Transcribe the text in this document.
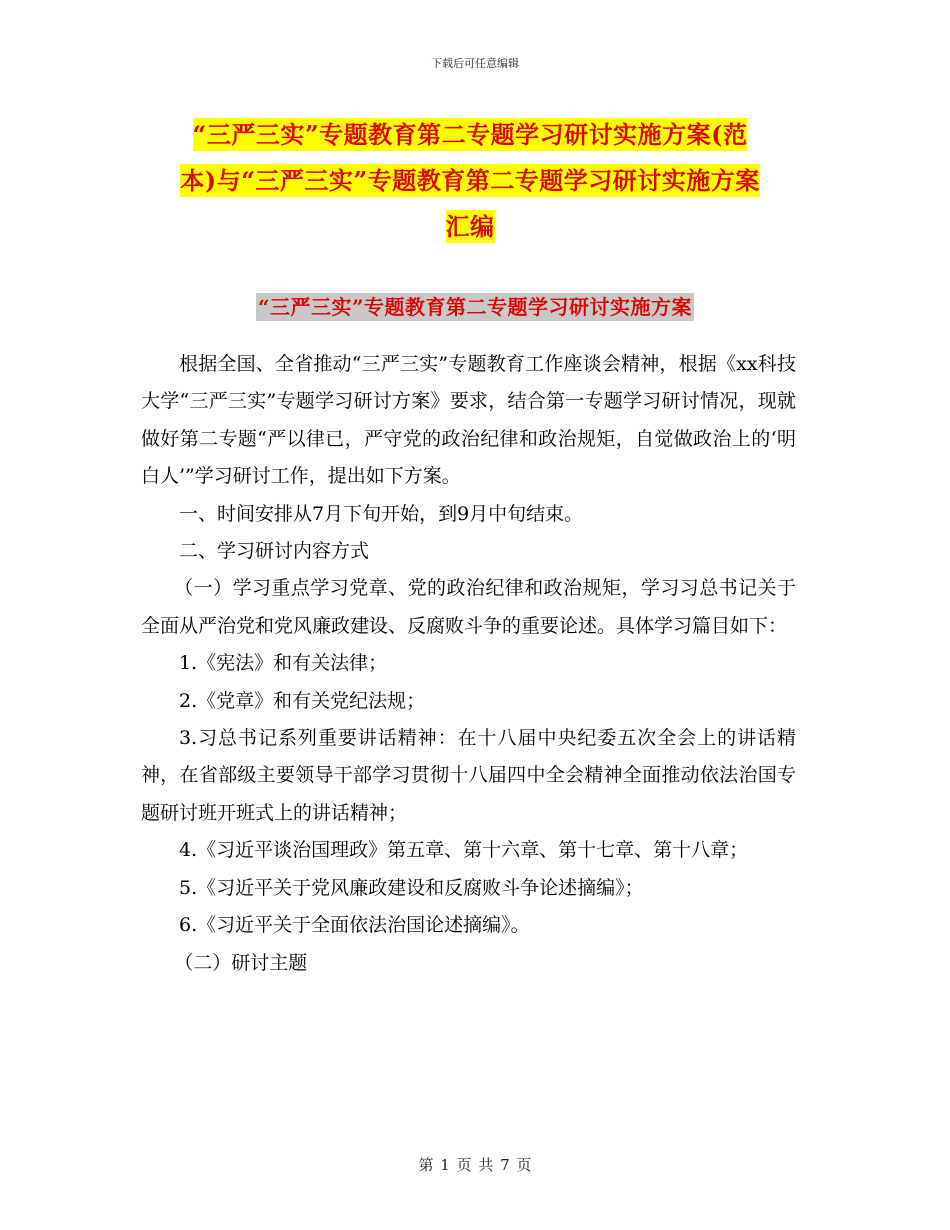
下载后可任意编辑
“三严三实”专题教育第二专题学习研讨实施方案(范
本)与“三严三实”专题教育第二专题学习研讨实施方案
汇编
“三严三实”专题教育第二专题学习研讨实施方案

根据全国、全省推动“三严三实”专题教育工作座谈会精神，根据《xx科技大学“三严三实”专题学习研讨方案》要求，结合第一专题学习研讨情况，现就做好第二专题“严以律已，严守党的政治纪律和政治规矩，自觉做政治上的‘明白人’”学习研讨工作，提出如下方案。

一、时间安排从7月下旬开始，到9月中旬结束。

二、学习研讨内容方式

（一）学习重点学习党章、党的政治纪律和政治规矩，学习习总书记关于全面从严治党和党风廉政建设、反腐败斗争的重要论述。具体学习篇目如下：

1.《宪法》和有关法律；

2.《党章》和有关党纪法规；

3.习总书记系列重要讲话精神：在十八届中央纪委五次全会上的讲话精神，在省部级主要领导干部学习贯彻十八届四中全会精神全面推动依法治国专题研讨班开班式上的讲话精神；

4.《习近平谈治国理政》第五章、第十六章、第十七章、第十八章；

5.《习近平关于党风廉政建设和反腐败斗争论述摘编》；

6.《习近平关于全面依法治国论述摘编》。

（二）研讨主题

第 1 页 共 7 页
